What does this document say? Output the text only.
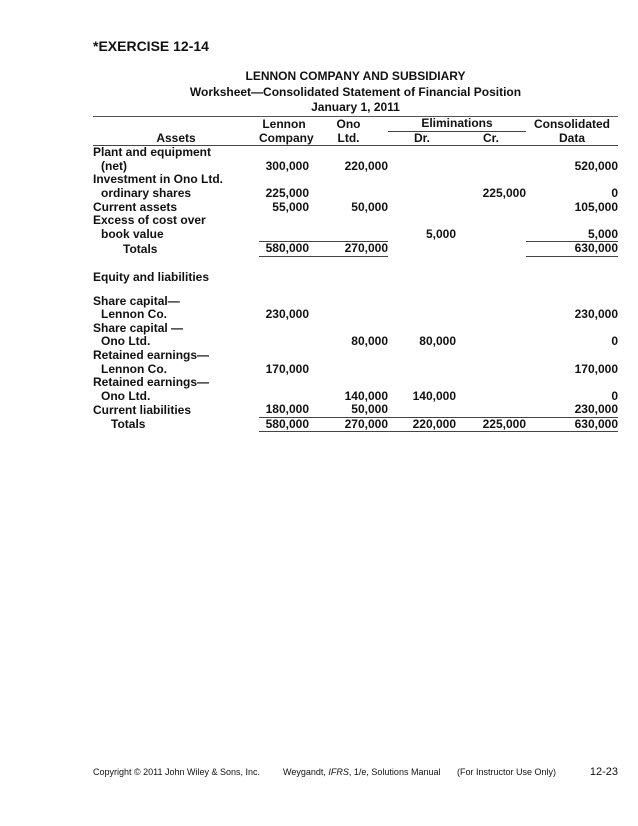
*EXERCISE 12-14
LENNON COMPANY AND SUBSIDIARY
Worksheet—Consolidated Statement of Financial Position
January 1, 2011
	Lennon	Ono	Eliminations		Consolidated
Assets	Company	Ltd.	Dr.	Cr.	Data
Plant and equipment					
(net)	300,000	220,000			520,000
Investment in Ono Ltd.					
ordinary shares	225,000			225,000	0
Current assets	55,000	50,000			105,000
Excess of cost over					
book value			5,000		5,000
Totals	580,000	270,000			630,000

Equity and liabilities					

Share capital—					
Lennon Co.	230,000				230,000
Share capital —					
Ono Ltd.		80,000	80,000		0
Retained earnings—					
Lennon Co.	170,000				170,000
Retained earnings—					
Ono Ltd.		140,000	140,000		0
Current liabilities	180,000	50,000			230,000
Totals	580,000	270,000	220,000	225,000	630,000
Copyright © 2011 John Wiley & Sons, Inc.	Weygandt, IFRS, 1/e, Solutions Manual (For Instructor Use Only)	12-23
